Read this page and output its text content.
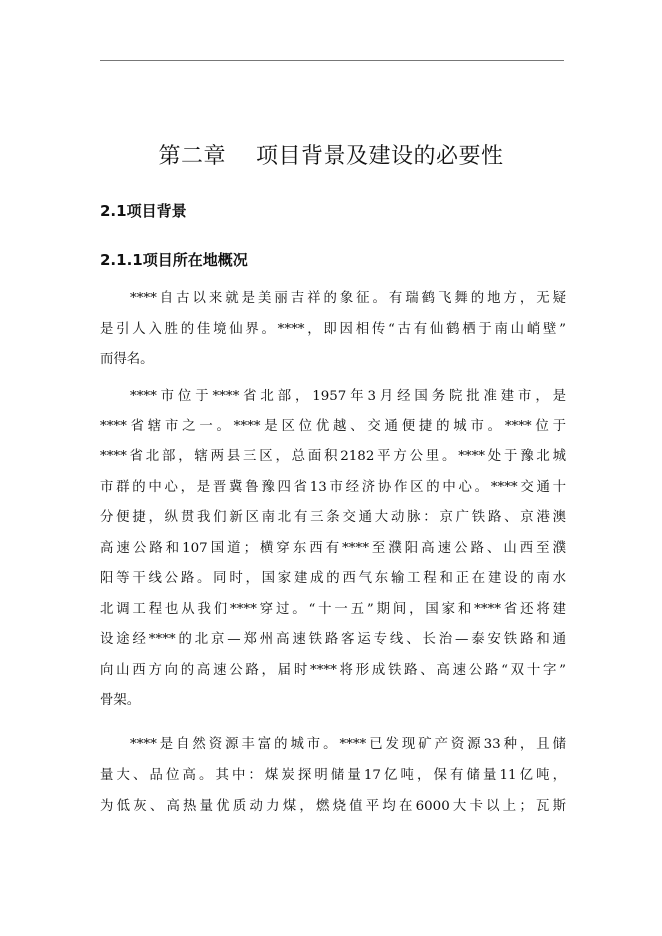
第二章    项目背景及建设的必要性
2.1项目背景
2.1.1项目所在地概况
****自古以来就是美丽吉祥的象征。有瑞鹤飞舞的地方，无疑
是引人入胜的佳境仙界。****，即因相传“古有仙鹤栖于南山峭壁”
而得名。
****市位于****省北部，1957年3月经国务院批准建市，是
****省辖市之一。****是区位优越、交通便捷的城市。****位于
****省北部，辖两县三区，总面积2182平方公里。****处于豫北城
市群的中心，是晋冀鲁豫四省13市经济协作区的中心。****交通十
分便捷，纵贯我们新区南北有三条交通大动脉：京广铁路、京港澳
高速公路和107国道；横穿东西有****至濮阳高速公路、山西至濮
阳等干线公路。同时，国家建成的西气东输工程和正在建设的南水
北调工程也从我们****穿过。“十一五”期间，国家和****省还将建
设途经****的北京—郑州高速铁路客运专线、长治—泰安铁路和通
向山西方向的高速公路，届时****将形成铁路、高速公路“双十字”
骨架。
****是自然资源丰富的城市。****已发现矿产资源33种，且储
量大、品位高。其中：煤炭探明储量17亿吨，保有储量11亿吨，
为低灰、高热量优质动力煤，燃烧值平均在6000大卡以上；瓦斯
